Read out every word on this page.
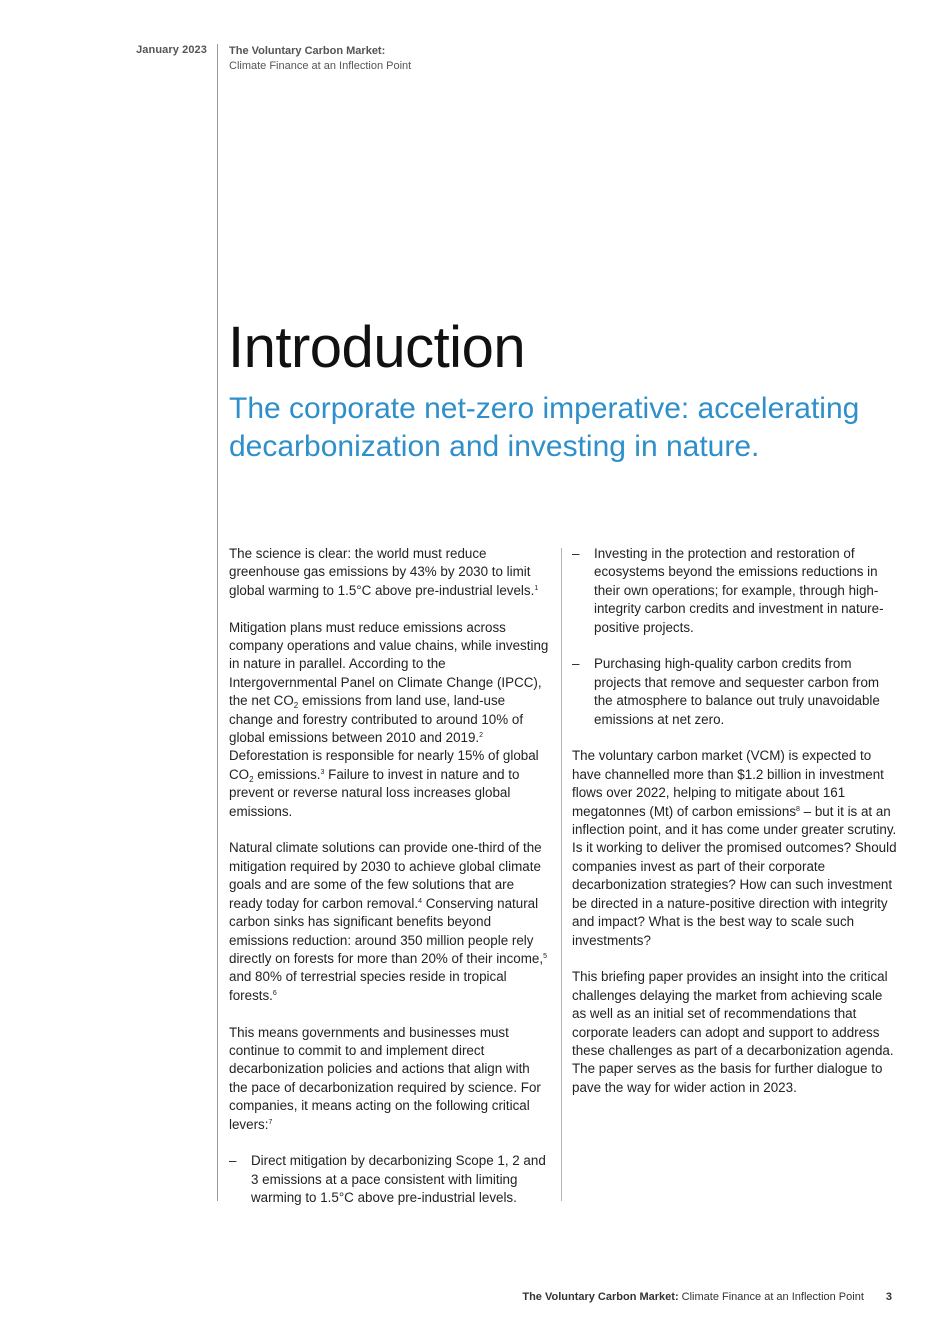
January 2023 The Voluntary Carbon Market:
Climate Finance at an Inflection Point
Introduction

The corporate net-zero imperative: accelerating decarbonization and investing in nature.

The science is clear: the world must reduce greenhouse gas emissions by 43% by 2030 to limit global warming to 1.5°C above pre-industrial levels.$^1$

Mitigation plans must reduce emissions across company operations and value chains, while investing in nature in parallel. According to the Intergovernmental Panel on Climate Change (IPCC), the net $CO_2$ emissions from land use, land-use change and forestry contributed to around 10% of global emissions between 2010 and 2019.$^2$ Deforestation is responsible for nearly 15% of global $CO_2$ emissions.$^3$ Failure to invest in nature and to prevent or reverse natural loss increases global emissions.

Natural climate solutions can provide one-third of the mitigation required by 2030 to achieve global climate goals and are some of the few solutions that are ready today for carbon removal.$^4$ Conserving natural carbon sinks has significant benefits beyond emissions reduction: around 350 million people rely directly on forests for more than 20% of their income,$^5$ and 80% of terrestrial species reside in tropical forests.$^6$

This means governments and businesses must continue to commit to and implement direct decarbonization policies and actions that align with the pace of decarbonization required by science. For companies, it means acting on the following critical levers:$^7$

– Direct mitigation by decarbonizing Scope 1, 2 and 3 emissions at a pace consistent with limiting warming to 1.5°C above pre-industrial levels.
– Investing in the protection and restoration of ecosystems beyond the emissions reductions in their own operations; for example, through high-integrity carbon credits and investment in nature-positive projects.
– Purchasing high-quality carbon credits from projects that remove and sequester carbon from the atmosphere to balance out truly unavoidable emissions at net zero.

The voluntary carbon market (VCM) is expected to have channelled more than $1.2 billion in investment flows over 2022, helping to mitigate about 161 megatonnes (Mt) of carbon emissions$^8$ – but it is at an inflection point, and it has come under greater scrutiny. Is it working to deliver the promised outcomes? Should companies invest as part of their corporate decarbonization strategies? How can such investment be directed in a nature-positive direction with integrity and impact? What is the best way to scale such investments?

This briefing paper provides an insight into the critical challenges delaying the market from achieving scale as well as an initial set of recommendations that corporate leaders can adopt and support to address these challenges as part of a decarbonization agenda. The paper serves as the basis for further dialogue to pave the way for wider action in 2023.

The Voluntary Carbon Market: Climate Finance at an Inflection Point 3
